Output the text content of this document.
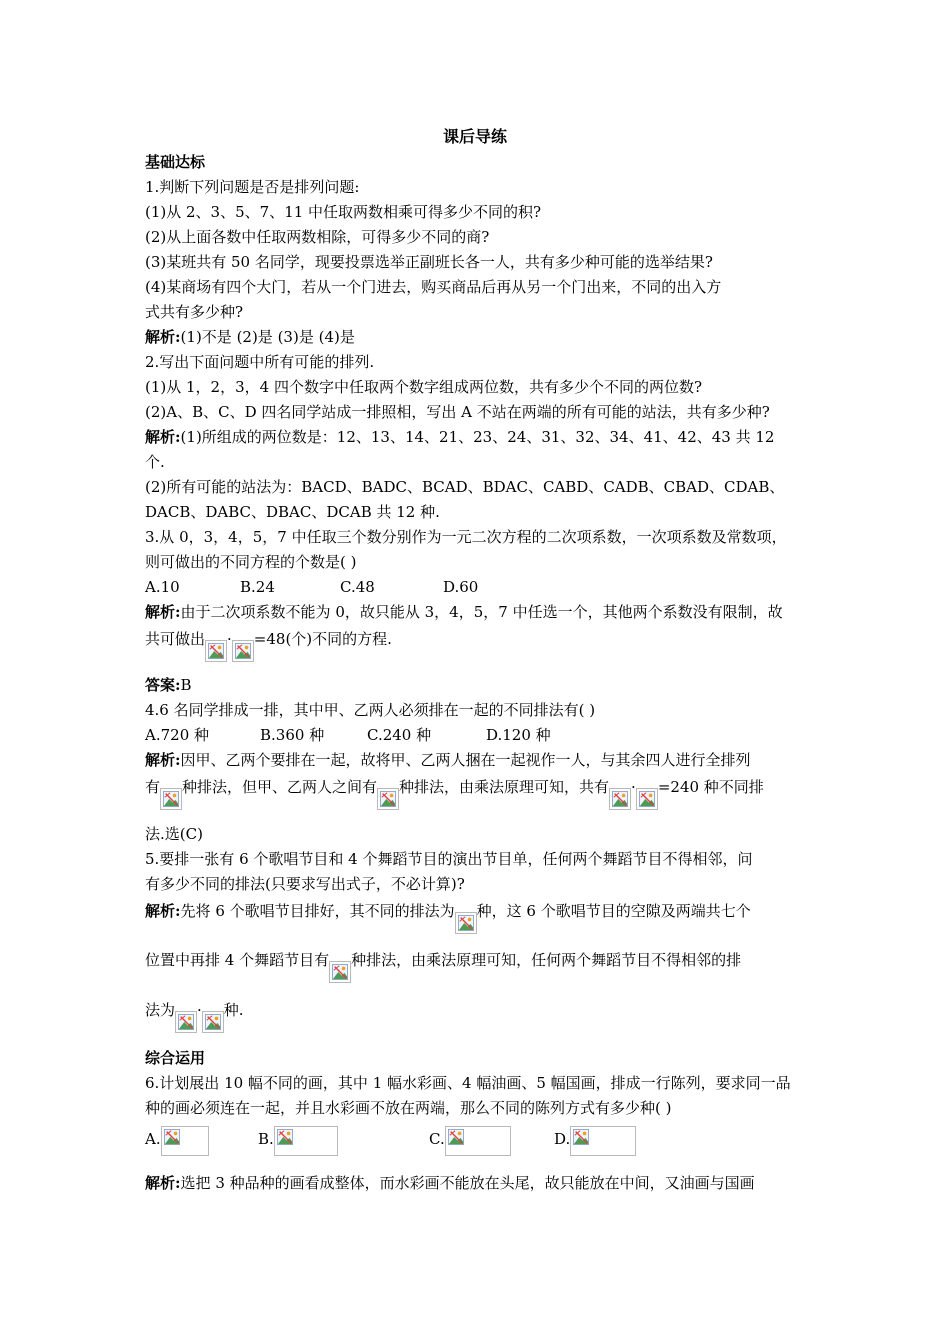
课后导练
基础达标
1.判断下列问题是否是排列问题:
(1)从 2、3、5、7、11 中任取两数相乘可得多少不同的积?
(2)从上面各数中任取两数相除，可得多少不同的商?
(3)某班共有 50 名同学，现要投票选举正副班长各一人，共有多少种可能的选举结果?
(4)某商场有四个大门，若从一个门进去，购买商品后再从另一个门出来，不同的出入方
式共有多少种?
解析:(1)不是 (2)是 (3)是 (4)是
2.写出下面问题中所有可能的排列.
(1)从 1，2，3，4 四个数字中任取两个数字组成两位数，共有多少个不同的两位数?
(2)A、B、C、D 四名同学站成一排照相，写出 A 不站在两端的所有可能的站法，共有多少种?
解析:(1)所组成的两位数是：12、13、14、21、23、24、31、32、34、41、42、43 共 12
个.
(2)所有可能的站法为：BACD、BADC、BCAD、BDAC、CABD、CADB、CBAD、CDAB、
DACB、DABC、DBAC、DCAB 共 12 种.
3.从 0，3，4，5，7 中任取三个数分别作为一元二次方程的二次项系数，一次项系数及常数项，
则可做出的不同方程的个数是( )
A.10	B.24	C.48	D.60
解析:由于二次项系数不能为 0，故只能从 3，4，5，7 中任选一个，其他两个系数没有限制，故
共可做出 · =48(个)不同的方程.
答案:B
4.6 名同学排成一排，其中甲、乙两人必须排在一起的不同排法有( )
A.720 种	B.360 种	C.240 种	D.120 种
解析:因甲、乙两个要排在一起，故将甲、乙两人捆在一起视作一人，与其余四人进行全排列
有 种排法，但甲、乙两人之间有 种排法，由乘法原理可知，共有 · =240 种不同排
法.选(C)
5.要排一张有 6 个歌唱节目和 4 个舞蹈节目的演出节目单，任何两个舞蹈节目不得相邻，问
有多少不同的排法(只要求写出式子，不必计算)?
解析:先将 6 个歌唱节目排好，其不同的排法为 种，这 6 个歌唱节目的空隙及两端共七个
位置中再排 4 个舞蹈节目有 种排法，由乘法原理可知，任何两个舞蹈节目不得相邻的排
法为 · 种.
综合运用
6.计划展出 10 幅不同的画，其中 1 幅水彩画、4 幅油画、5 幅国画，排成一行陈列，要求同一品
种的画必须连在一起，并且水彩画不放在两端，那么不同的陈列方式有多少种( )
A.	B.	C.	D.
解析:选把 3 种品种的画看成整体，而水彩画不能放在头尾，故只能放在中间，又油画与国画
